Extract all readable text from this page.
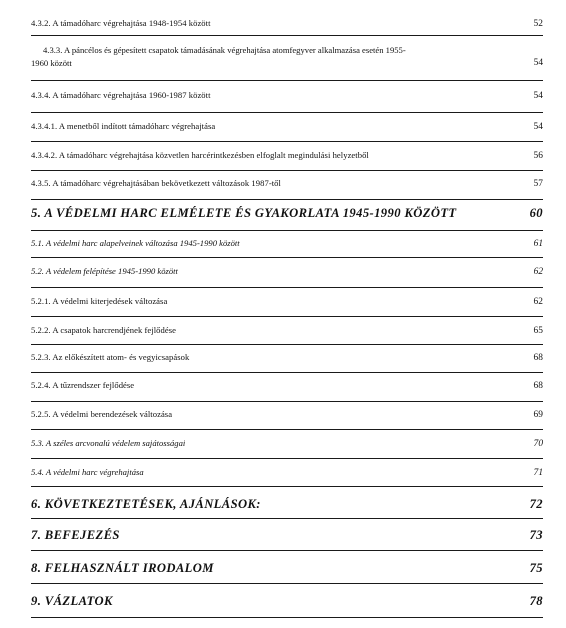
4.3.2. A támadóharc végrehajtása 1948-1954 között	52
4.3.3. A páncélos és gépesített csapatok támadásának végrehajtása atomfegyver alkalmazása esetén 1955-
1960 között	54
4.3.4. A támadóharc végrehajtása 1960-1987 között	54
4.3.4.1. A menetből indított támadóharc végrehajtása	54
4.3.4.2. A támadóharc végrehajtása közvetlen harcérintkezésben elfoglalt megindulási helyzetből	56
4.3.5. A támadóharc végrehajtásában bekövetkezett változások 1987-től	57
5. A VÉDELMI HARC ELMÉLETE ÉS GYAKORLATA 1945-1990 KÖZÖTT	60
5.1. A védelmi harc alapelveinek változása 1945-1990 között	61
5.2. A védelem felépítése 1945-1990 között	62
5.2.1. A védelmi kiterjedések változása	62
5.2.2. A csapatok harcrendjének fejlődése	65
5.2.3. Az előkészített atom- és vegyicsapások	68
5.2.4. A tűzrendszer fejlődése	68
5.2.5. A védelmi berendezések változása	69
5.3. A széles arcvonalú védelem sajátosságai	70
5.4. A védelmi harc végrehajtása	71
6. KÖVETKEZTETÉSEK, AJÁNLÁSOK:	72
7. BEFEJEZÉS	73
8. FELHASZNÁLT IRODALOM	75
9. VÁZLATOK	78
